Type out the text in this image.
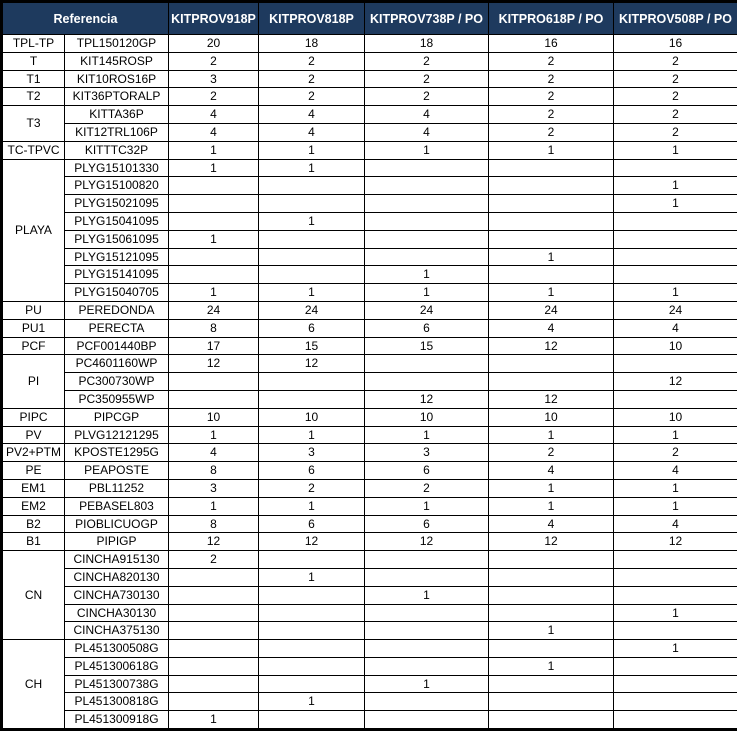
Referencia		KITPROV918P	KITPROV818P	KITPROV738P / PO	KITPRO618P / PO	KITPROV508P / PO
TPL-TP	TPL150120GP	20	18	18	16	16
T	KIT145ROSP	2	2	2	2	2
T1	KIT10ROS16P	3	2	2	2	2
T2	KIT36PTORALP	2	2	2	2	2
T3	KITTA36P	4	4	4	2	2
	KIT12TRL106P	4	4	4	2	2
TC-TPVC	KITTTC32P	1	1	1	1	1
PLAYA	PLYG15101330	1	1			
	PLYG15100820					1
	PLYG15021095					1
	PLYG15041095		1			
	PLYG15061095	1				
	PLYG15121095				1	
	PLYG15141095			1		
	PLYG15040705	1	1	1	1	1
PU	PEREDONDA	24	24	24	24	24
PU1	PERECTA	8	6	6	4	4
PCF	PCF001440BP	17	15	15	12	10
PI	PC4601160WP	12	12			
	PC300730WP					12
	PC350955WP			12	12	
PIPC	PIPCGP	10	10	10	10	10
PV	PLVG12121295	1	1	1	1	1
PV2+PTM	KPOSTE1295G	4	3	3	2	2
PE	PEAPOSTE	8	6	6	4	4
EM1	PBL11252	3	2	2	1	1
EM2	PEBASEL803	1	1	1	1	1
B2	PIOBLICUOGP	8	6	6	4	4
B1	PIPIGP	12	12	12	12	12
CN	CINCHA915130	2				
	CINCHA820130		1			
	CINCHA730130			1		
	CINCHA30130					1
	CINCHA375130				1	
CH	PL451300508G					1
	PL451300618G				1	
	PL451300738G			1		
	PL451300818G		1			
	PL451300918G	1				
